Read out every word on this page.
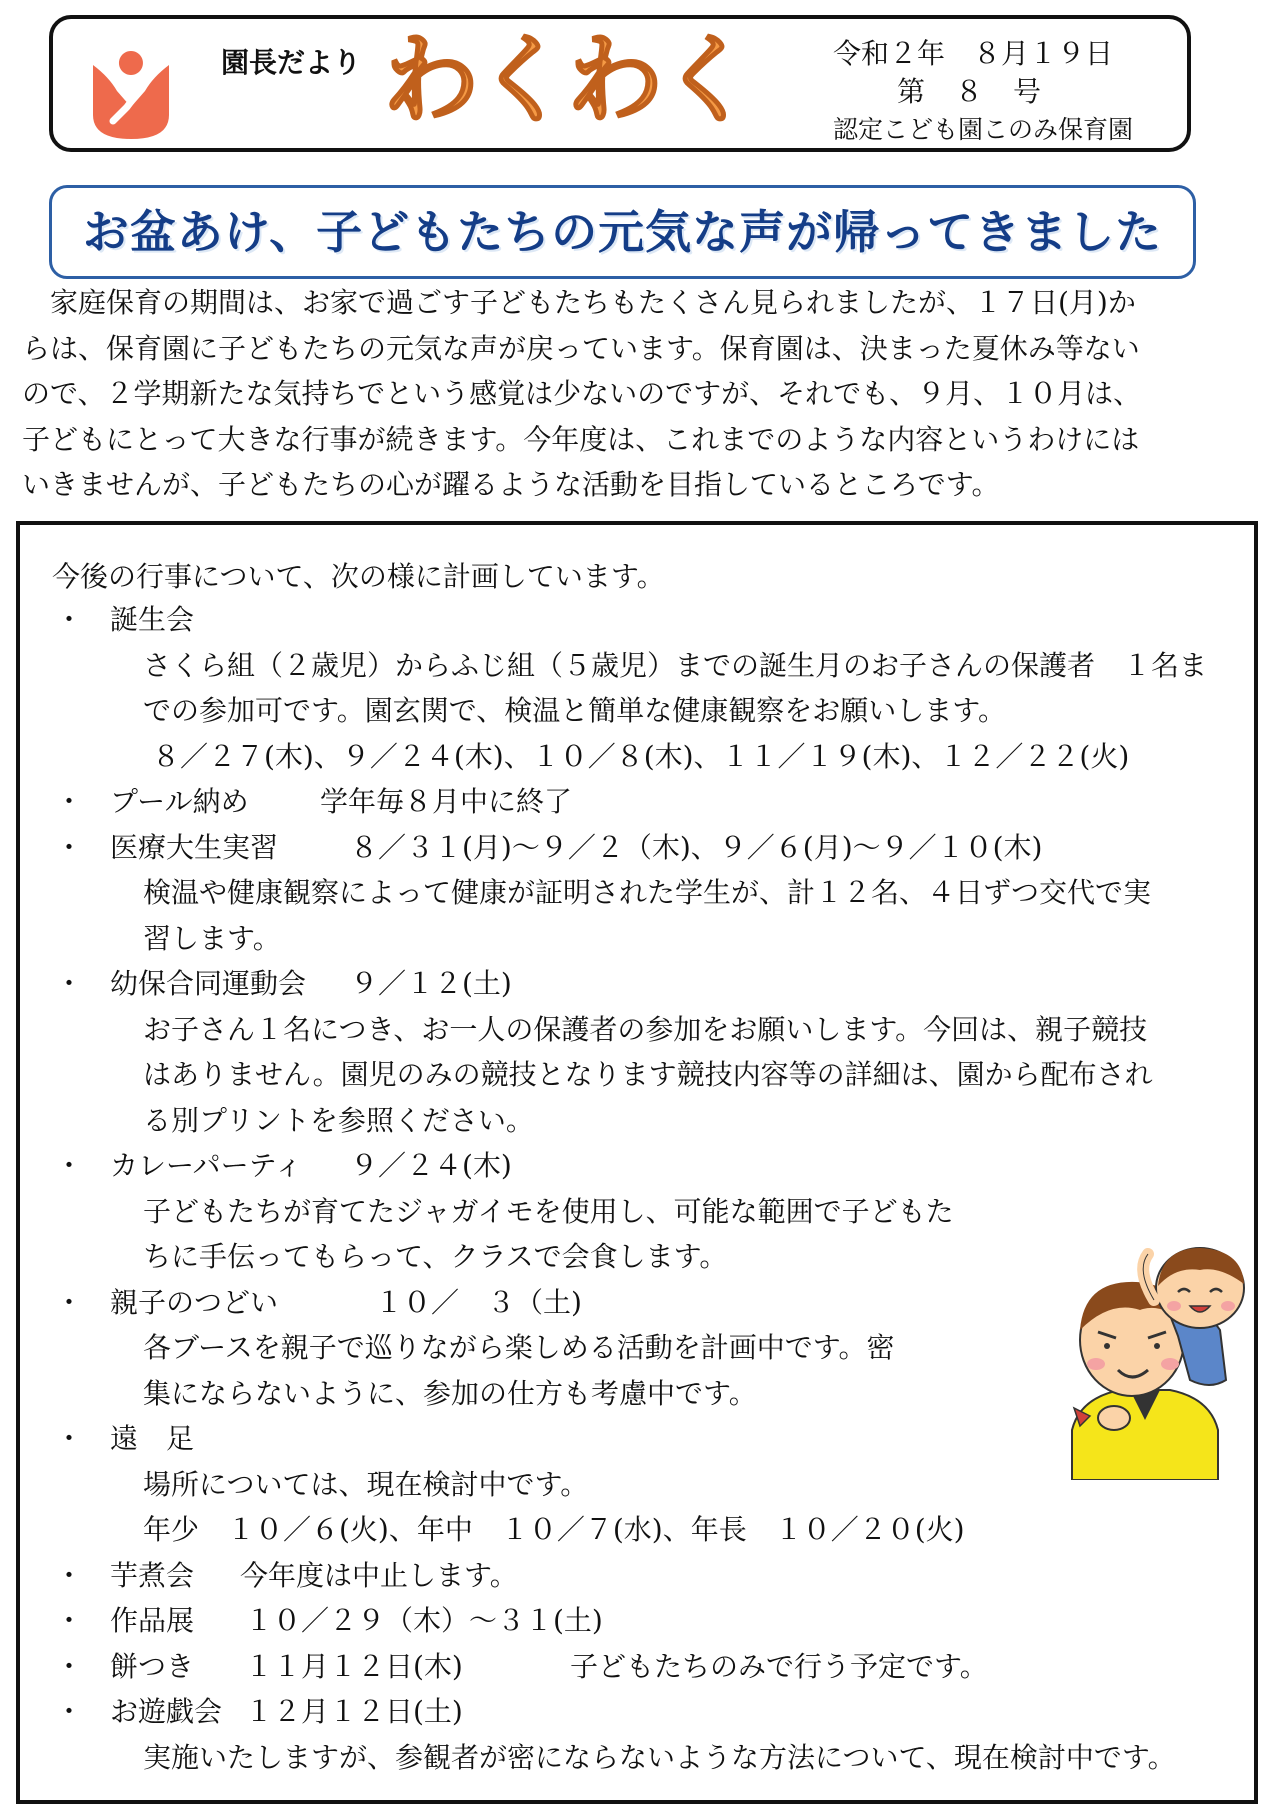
園長だより わくわく	令和２年　８月１９日
第８号
認定こども園このみ保育園
お盆あけ、子どもたちの元気な声が帰ってきました
　家庭保育の期間は、お家で過ごす子どもたちもたくさん見られましたが、１７日(月)か
らは、保育園に子どもたちの元気な声が戻っています。保育園は、決まった夏休み等ない
ので、２学期新たな気持ちでという感覚は少ないのですが、それでも、９月、１０月は、
子どもにとって大きな行事が続きます。今年度は、これまでのような内容というわけには
いきませんが、子どもたちの心が躍るような活動を目指しているところです。
今後の行事について、次の様に計画しています。
・ 誕生会
さくら組（２歳児）からふじ組（５歳児）までの誕生月のお子さんの保護者　１名ま
での参加可です。園玄関で、検温と簡単な健康観察をお願いします。
８／２７(木)、９／２４(木)、１０／８(木)、１１／１９(木)、１２／２２(火)
・ プール納め	学年毎８月中に終了
・ 医療大生実習	８／３１(月)～９／２（木)、９／６(月)～９／１０(木)
検温や健康観察によって健康が証明された学生が、計１２名、４日ずつ交代で実
習します。
・ 幼保合同運動会 ９／１２(土)
お子さん１名につき、お一人の保護者の参加をお願いします。今回は、親子競技
はありません。園児のみの競技となります競技内容等の詳細は、園から配布され
る別プリントを参照ください。
・ カレーパーティ ９／２４(木)
子どもたちが育てたジャガイモを使用し、可能な範囲で子どもた
ちに手伝ってもらって、クラスで会食します。
・ 親子のつどい	１０／　３（土)
各ブースを親子で巡りながら楽しめる活動を計画中です。密
集にならないように、参加の仕方も考慮中です。
・ 遠　足
場所については、現在検討中です。
年少　１０／６(火)、年中　１０／７(水)、年長　１０／２０(火)
・ 芋煮会 今年度は中止します。
・ 作品展 １０／２９（木）～３１(土)
・ 餅つき １１月１２日(木)	子どもたちのみで行う予定です。
・ お遊戯会 １２月１２日(土)
実施いたしますが、参観者が密にならないような方法について、現在検討中です。
